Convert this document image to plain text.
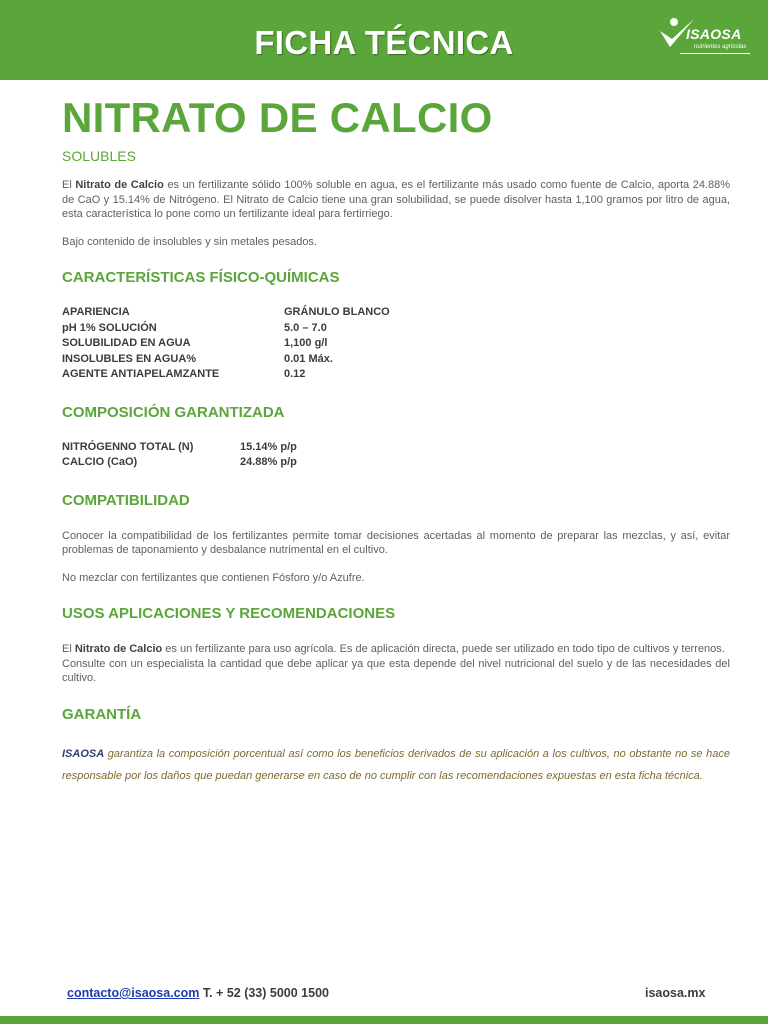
FICHA TÉCNICA	ISAOSA
nutrientes agrícolas
NITRATO DE CALCIO
SOLUBLES

El Nitrato de Calcio es un fertilizante sólido 100% soluble en agua, es el fertilizante más usado como fuente de Calcio, aporta 24.88% de CaO y 15.14% de Nitrógeno. El Nitrato de Calcio tiene una gran solubilidad, se puede disolver hasta 1,100 gramos por litro de agua, esta característica lo pone como un fertilizante ideal para fertirriego.

Bajo contenido de insolubles y sin metales pesados.

CARACTERÍSTICAS FÍSICO-QUÍMICAS
APARIENCIA	GRÁNULO BLANCO
pH 1% SOLUCIÓN	5.0 – 7.0
SOLUBILIDAD EN AGUA	1,100 g/l
INSOLUBLES EN AGUA%	0.01 Máx.
AGENTE ANTIAPELAMZANTE	0.12
COMPOSICIÓN GARANTIZADA
NITRÓGENNO TOTAL (N)	15.14% p/p
CALCIO (CaO)	24.88% p/p
COMPATIBILIDAD

Conocer la compatibilidad de los fertilizantes permite tomar decisiones acertadas al momento de preparar las mezclas, y así, evitar problemas de taponamiento y desbalance nutrimental en el cultivo.

No mezclar con fertilizantes que contienen Fósforo y/o Azufre.

USOS APLICACIONES Y RECOMENDACIONES

El Nitrato de Calcio es un fertilizante para uso agrícola. Es de aplicación directa, puede ser utilizado en todo tipo de cultivos y terrenos.

Consulte con un especialista la cantidad que debe aplicar ya que esta depende del nivel nutricional del suelo y de las necesidades del cultivo.

GARANTÍA
ISAOSA garantiza la composición porcentual así como los beneficios derivados de su aplicación a los cultivos, no obstante no se hace responsable por los daños que puedan generarse en caso de no cumplir con las recomendaciones expuestas en esta ficha técnica.
contacto@isaosa.com T. + 52 (33) 5000 1500	isaosa.mx
